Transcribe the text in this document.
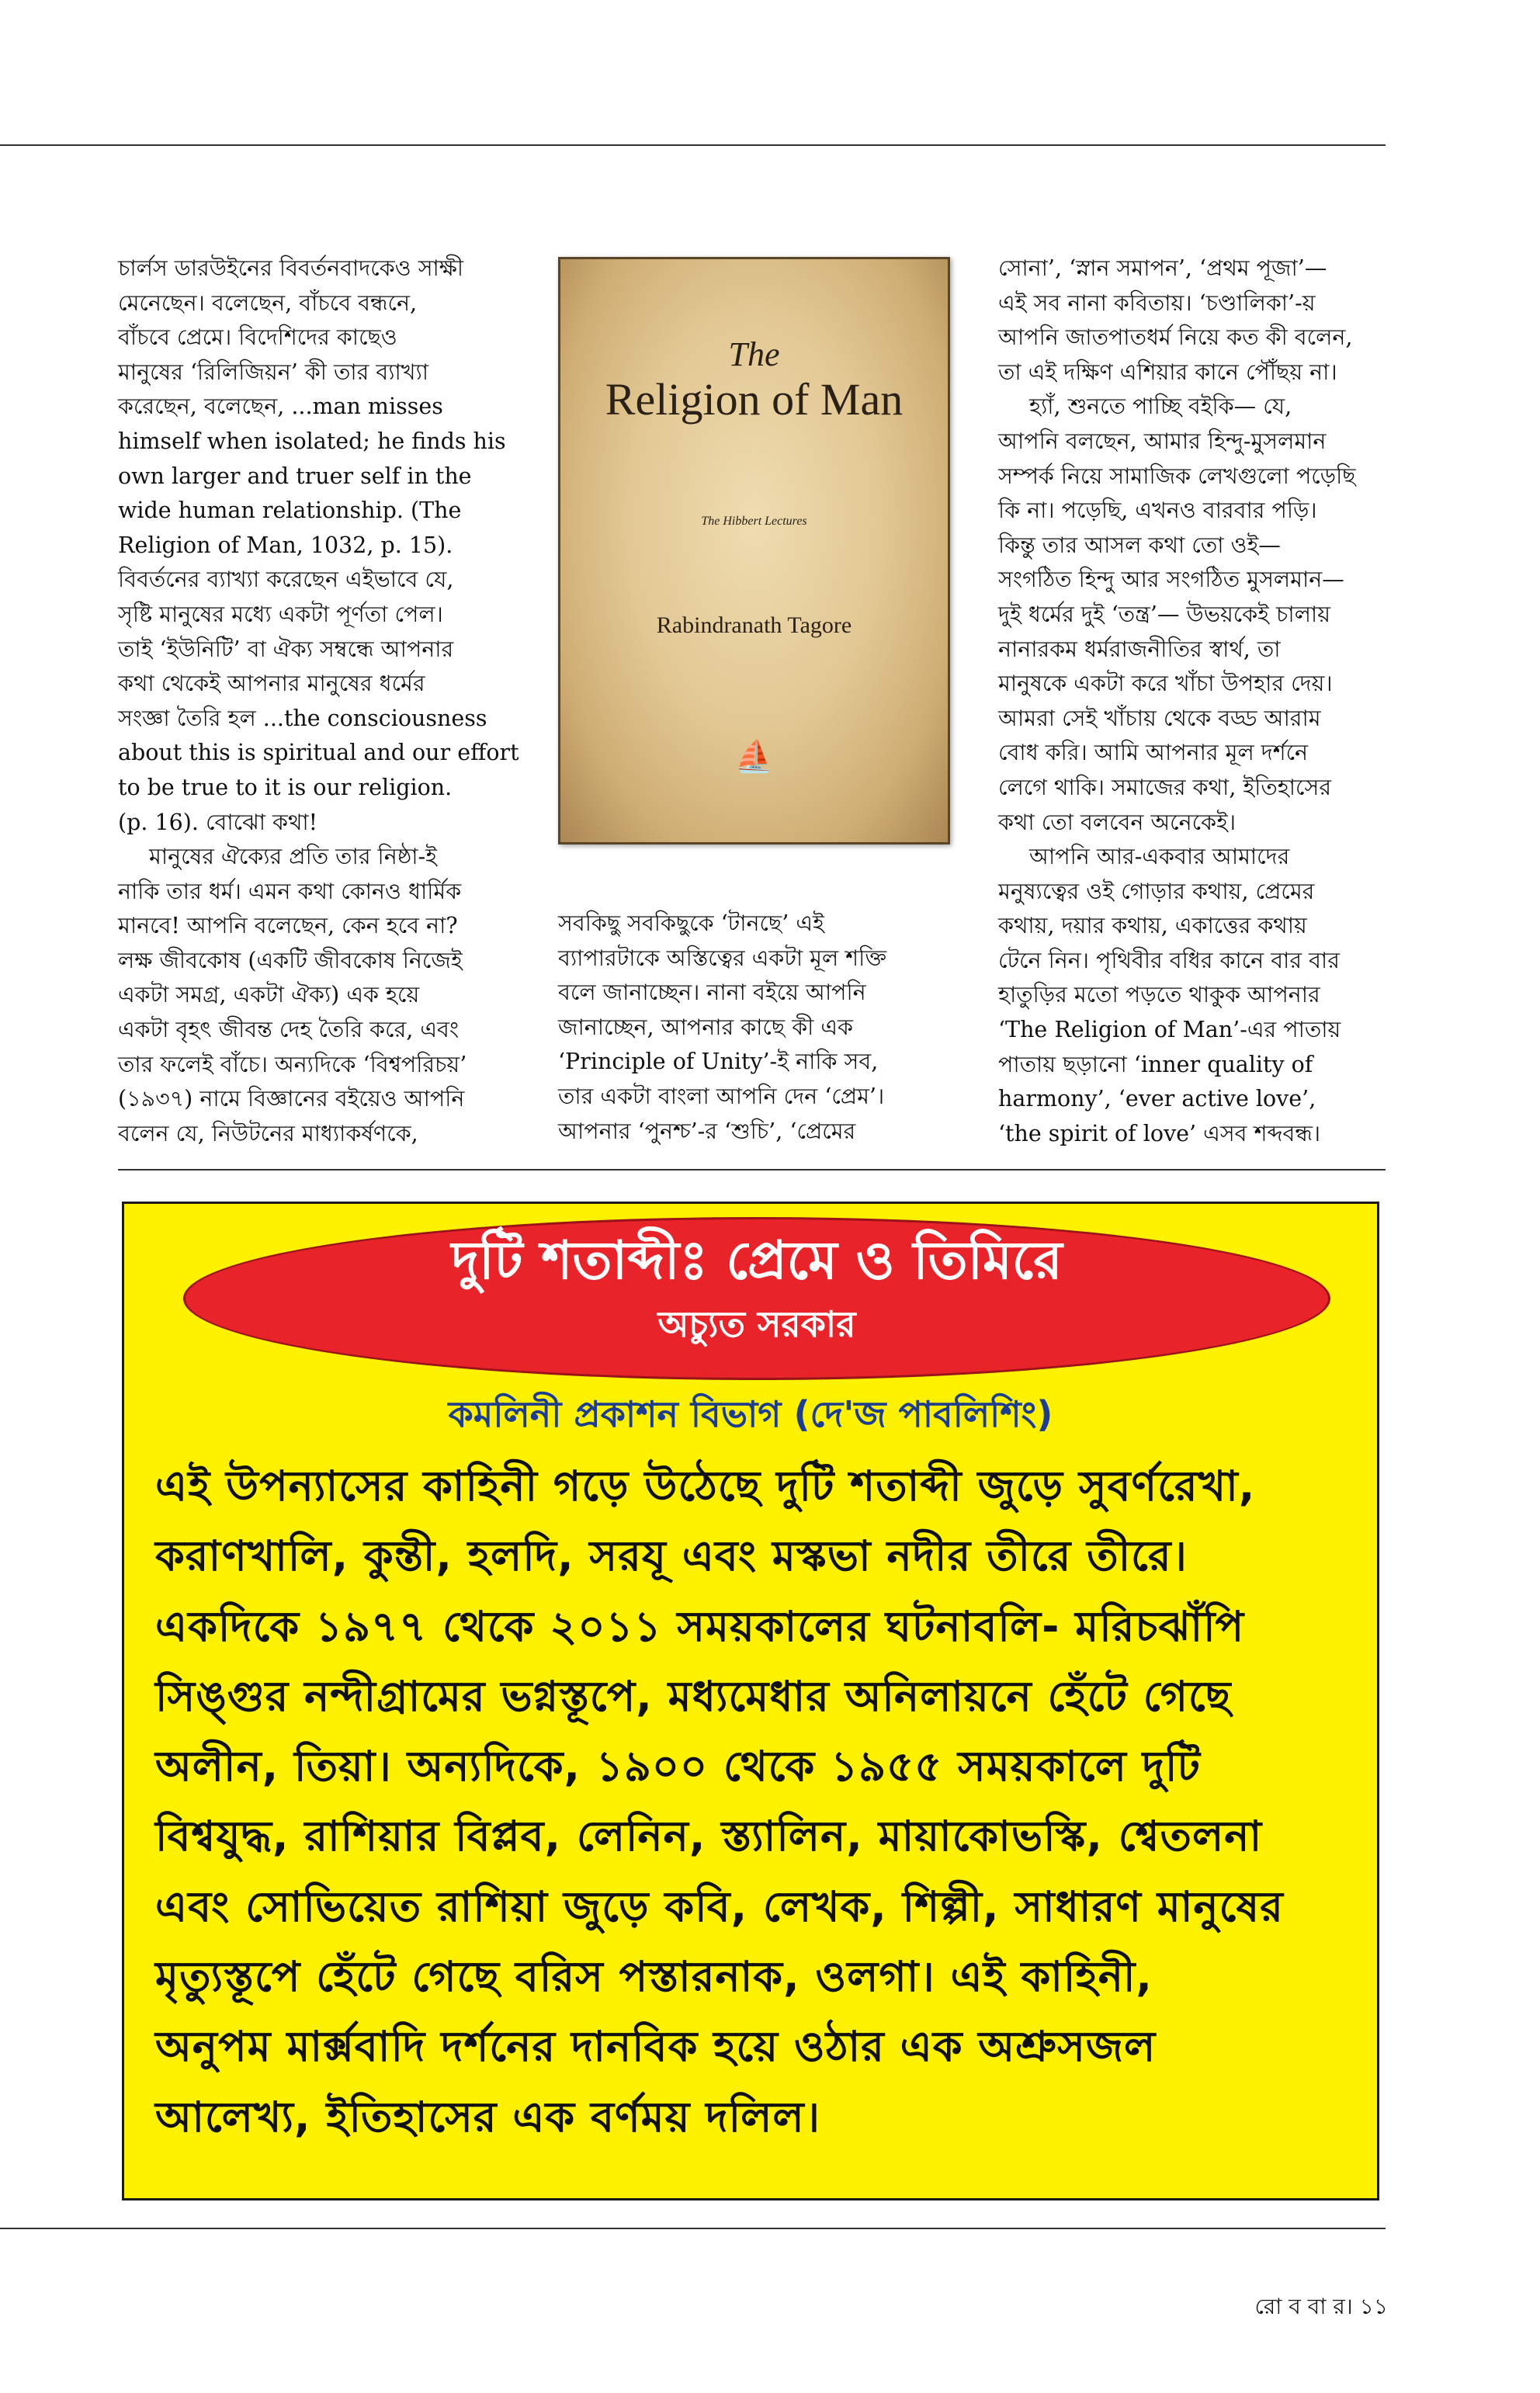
চার্লস ডারউইনের বিবর্তনবাদকেও সাক্ষী

মেনেছেন। বলেছেন, বাঁচবে বন্ধনে,

বাঁচবে প্রেমে। বিদেশিদের কাছেও

মানুষের ‘রিলিজিয়ন’ কী তার ব্যাখ্যা

করেছেন, বলেছেন, ...man misses

himself when isolated; he finds his

own larger and truer self in the

wide human relationship. (The

Religion of Man, 1032, p. 15).

বিবর্তনের ব্যাখ্যা করেছেন এইভাবে যে,

সৃষ্টি মানুষের মধ্যে একটা পূর্ণতা পেল।

তাই ‘ইউনিটি’ বা ঐক্য সম্বন্ধে আপনার

কথা থেকেই আপনার মানুষের ধর্মের

সংজ্ঞা তৈরি হল ...the consciousness

about this is spiritual and our effort

to be true to it is our religion.

(p. 16). বোঝো কথা!

মানুষের ঐক্যের প্রতি তার নিষ্ঠা-ই

নাকি তার ধর্ম। এমন কথা কোনও ধার্মিক

মানবে! আপনি বলেছেন, কেন হবে না?

লক্ষ জীবকোষ (একটি জীবকোষ নিজেই

একটা সমগ্র, একটা ঐক্য) এক হয়ে

একটা বৃহৎ জীবন্ত দেহ তৈরি করে, এবং

তার ফলেই বাঁচে। অন্যদিকে ‘বিশ্বপরিচয়’

(১৯৩৭) নামে বিজ্ঞানের বইয়েও আপনি

বলেন যে, নিউটনের মাধ্যাকর্ষণকে,

The
Religion of Man
The Hibbert Lectures
Rabindranath Tagore
⛵

সবকিছু সবকিছুকে ‘টানছে’ এই

ব্যাপারটাকে অস্তিত্বের একটা মূল শক্তি

বলে জানাচ্ছেন। নানা বইয়ে আপনি

জানাচ্ছেন, আপনার কাছে কী এক

‘Principle of Unity’-ই নাকি সব,

তার একটা বাংলা আপনি দেন ‘প্রেম’।

আপনার ‘পুনশ্চ’-র ‘শুচি’, ‘প্রেমের

সোনা’, ‘স্নান সমাপন’, ‘প্রথম পূজা’—

এই সব নানা কবিতায়। ‘চণ্ডালিকা’-য়

আপনি জাতপাতধর্ম নিয়ে কত কী বলেন,

তা এই দক্ষিণ এশিয়ার কানে পৌঁছয় না।

হ্যাঁ, শুনতে পাচ্ছি বইকি— যে,

আপনি বলছেন, আমার হিন্দু-মুসলমান

সম্পর্ক নিয়ে সামাজিক লেখগুলো পড়েছি

কি না। পড়েছি, এখনও বারবার পড়ি।

কিন্তু তার আসল কথা তো ওই—

সংগঠিত হিন্দু আর সংগঠিত মুসলমান—

দুই ধর্মের দুই ‘তন্ত্র’— উভয়কেই চালায়

নানারকম ধর্মরাজনীতির স্বার্থ, তা

মানুষকে একটা করে খাঁচা উপহার দেয়।

আমরা সেই খাঁচায় থেকে বড্ড আরাম

বোধ করি। আমি আপনার মূল দর্শনে

লেগে থাকি। সমাজের কথা, ইতিহাসের

কথা তো বলবেন অনেকেই।

আপনি আর-একবার আমাদের

মনুষ্যত্বের ওই গোড়ার কথায়, প্রেমের

কথায়, দয়ার কথায়, একাত্তের কথায়

টেনে নিন। পৃথিবীর বধির কানে বার বার

হাতুড়ির মতো পড়তে থাকুক আপনার

‘The Religion of Man’-এর পাতায়

পাতায় ছড়ানো ‘inner quality of

harmony’, ‘ever active love’,

‘the spirit of love’ এসব শব্দবন্ধ।

দুটি শতাব্দীঃ প্রেমে ও তিমিরে
অচ্যুত সরকার
কমলিনী প্রকাশন বিভাগ (দে'জ পাবলিশিং)

এই উপন্যাসের কাহিনী গড়ে উঠেছে দুটি শতাব্দী জুড়ে সুবর্ণরেখা,

করাণখালি, কুন্তী, হলদি, সরযূ এবং মস্কভা নদীর তীরে তীরে।

একদিকে ১৯৭৭ থেকে ২০১১ সময়কালের ঘটনাবলি- মরিচঝাঁপি

সিঙ্গুর নন্দীগ্রামের ভগ্নস্তূপে, মধ্যমেধার অনিলায়নে হেঁটে গেছে

অলীন, তিয়া। অন্যদিকে, ১৯০০ থেকে ১৯৫৫ সময়কালে দুটি

বিশ্বযুদ্ধ, রাশিয়ার বিপ্লব, লেনিন, স্ত্যালিন, মায়াকোভস্কি, শ্বেতলনা

এবং সোভিয়েত রাশিয়া জুড়ে কবি, লেখক, শিল্পী, সাধারণ মানুষের

মৃত্যুস্তূপে হেঁটে গেছে বরিস পস্তারনাক, ওলগা। এই কাহিনী,

অনুপম মার্ক্সবাদি দর্শনের দানবিক হয়ে ওঠার এক অশ্রুসজল

আলেখ্য, ইতিহাসের এক বর্ণময় দলিল।

রো ব বা র। ১১
